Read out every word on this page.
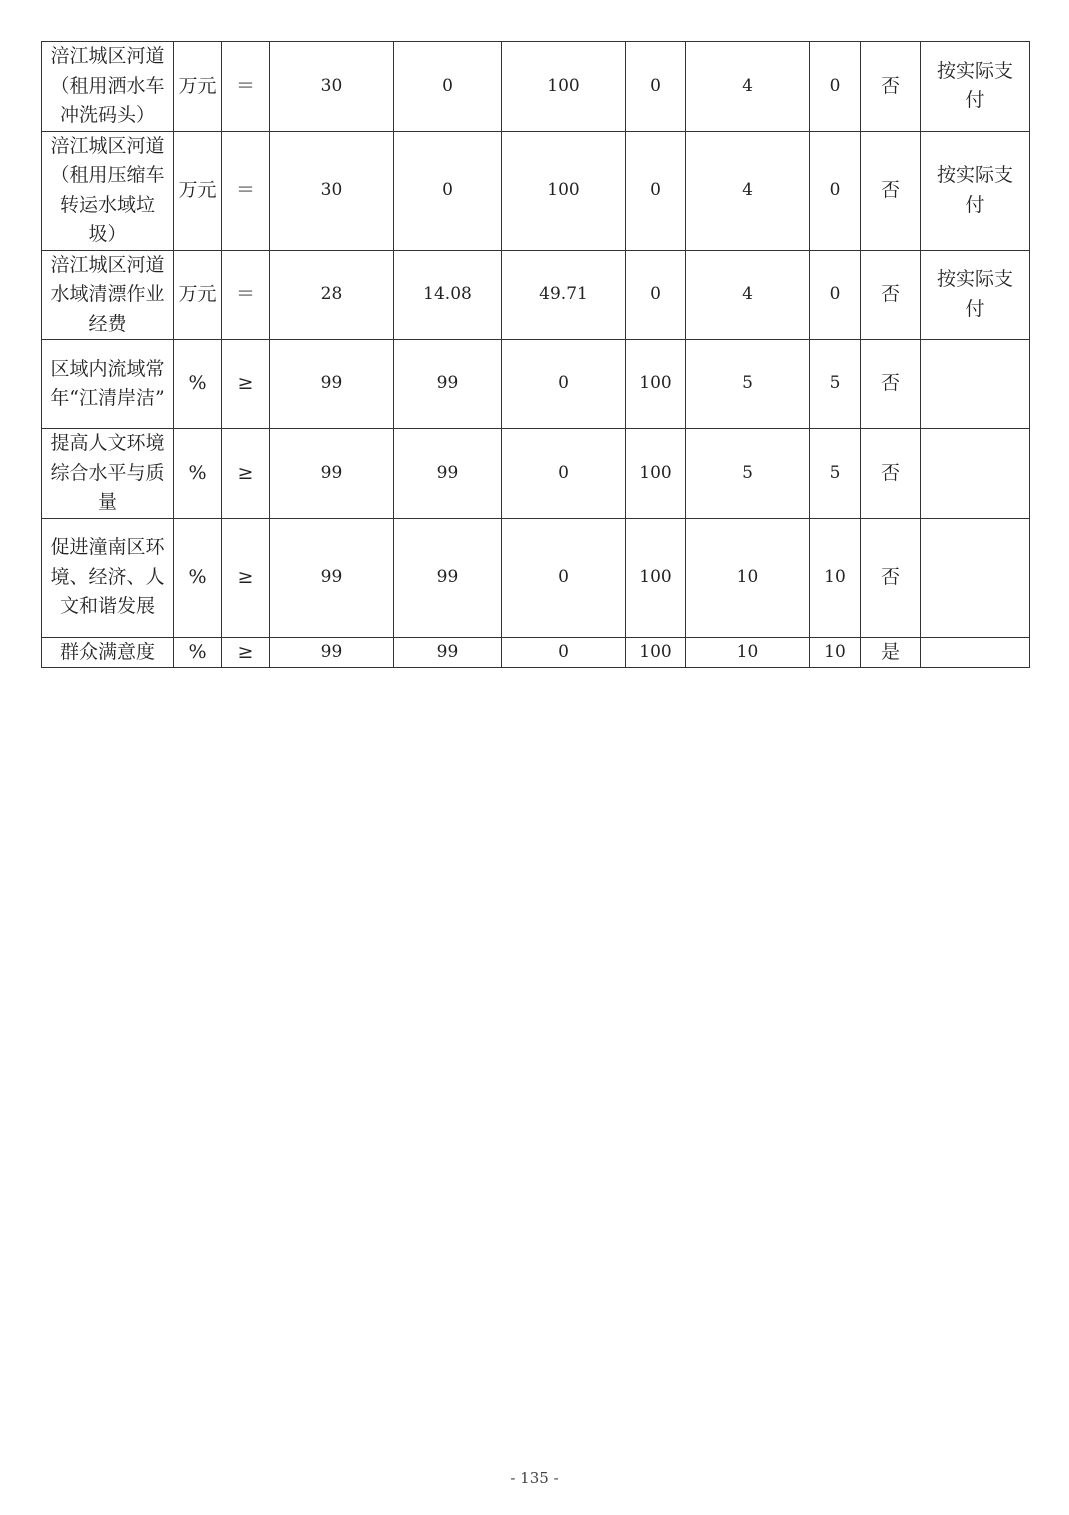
涪江城区河道（租用洒水车冲洗码头）	万元	＝	30	0	100	0	4	0	否	按实际支付
涪江城区河道（租用压缩车转运水域垃圾）	万元	＝	30	0	100	0	4	0	否	按实际支付
涪江城区河道水域清漂作业经费	万元	＝	28	14.08	49.71	0	4	0	否	按实际支付
区域内流域常年“江清岸洁”	%	≥	99	99	0	100	5	5	否	
提高人文环境综合水平与质量	%	≥	99	99	0	100	5	5	否	
促进潼南区环境、经济、人文和谐发展	%	≥	99	99	0	100	10	10	否	
群众满意度	%	≥	99	99	0	100	10	10	是	
- 135 -
